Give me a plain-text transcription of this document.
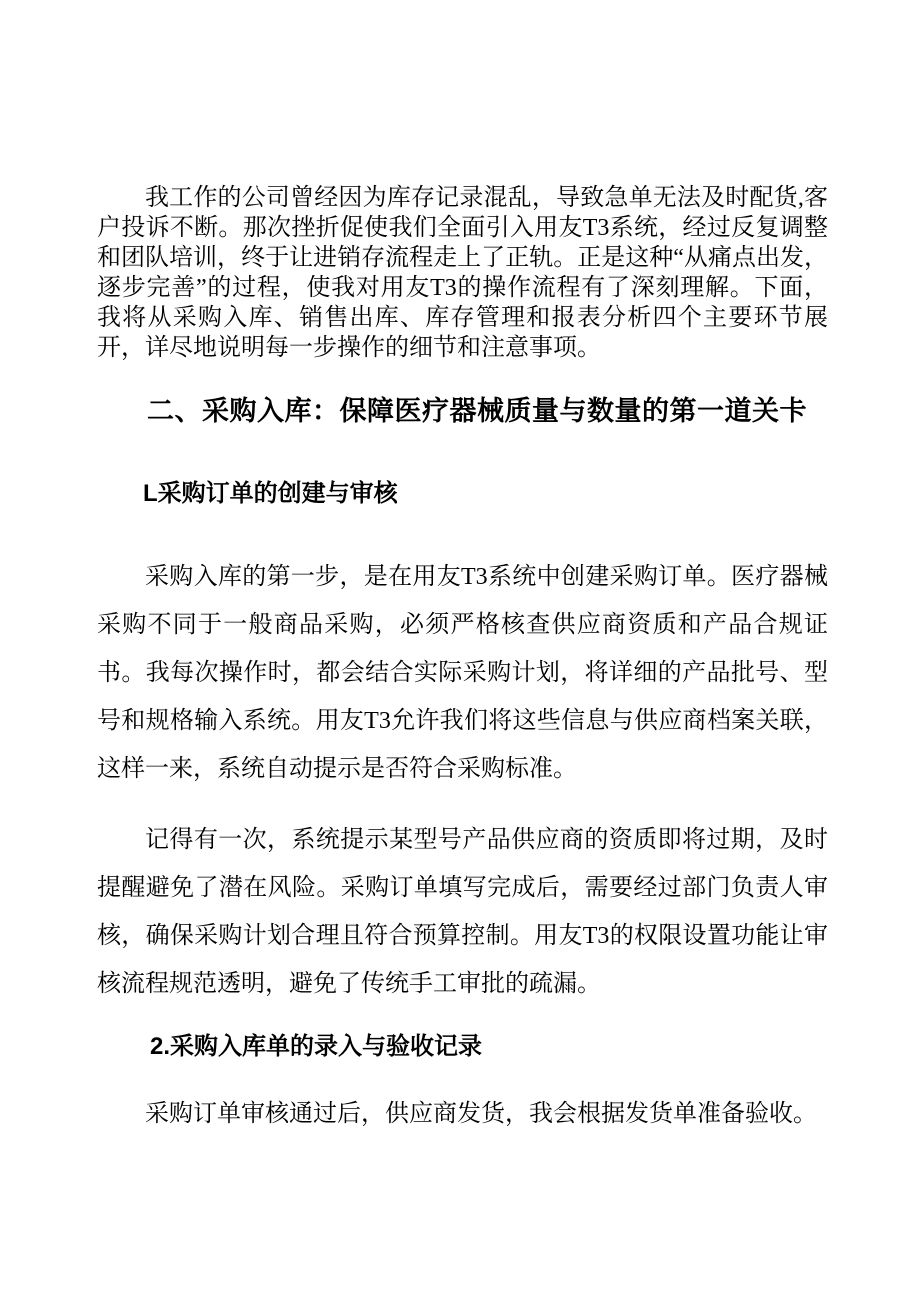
我工作的公司曾经因为库存记录混乱，导致急单无法及时配货,客户投诉不断。那次挫折促使我们全面引入用友T3系统，经过反复调整和团队培训，终于让进销存流程走上了正轨。正是这种“从痛点出发，逐步完善”的过程，使我对用友T3的操作流程有了深刻理解。下面，我将从采购入库、销售出库、库存管理和报表分析四个主要环节展开，详尽地说明每一步操作的细节和注意事项。

二、采购入库：保障医疗器械质量与数量的第一道关卡
L采购订单的创建与审核

采购入库的第一步，是在用友T3系统中创建采购订单。医疗器械采购不同于一般商品采购，必须严格核查供应商资质和产品合规证书。我每次操作时，都会结合实际采购计划，将详细的产品批号、型号和规格输入系统。用友T3允许我们将这些信息与供应商档案关联，这样一来，系统自动提示是否符合采购标准。

记得有一次，系统提示某型号产品供应商的资质即将过期，及时提醒避免了潜在风险。采购订单填写完成后，需要经过部门负责人审核，确保采购计划合理且符合预算控制。用友T3的权限设置功能让审核流程规范透明，避免了传统手工审批的疏漏。

2.采购入库单的录入与验收记录

采购订单审核通过后，供应商发货，我会根据发货单准备验收。
